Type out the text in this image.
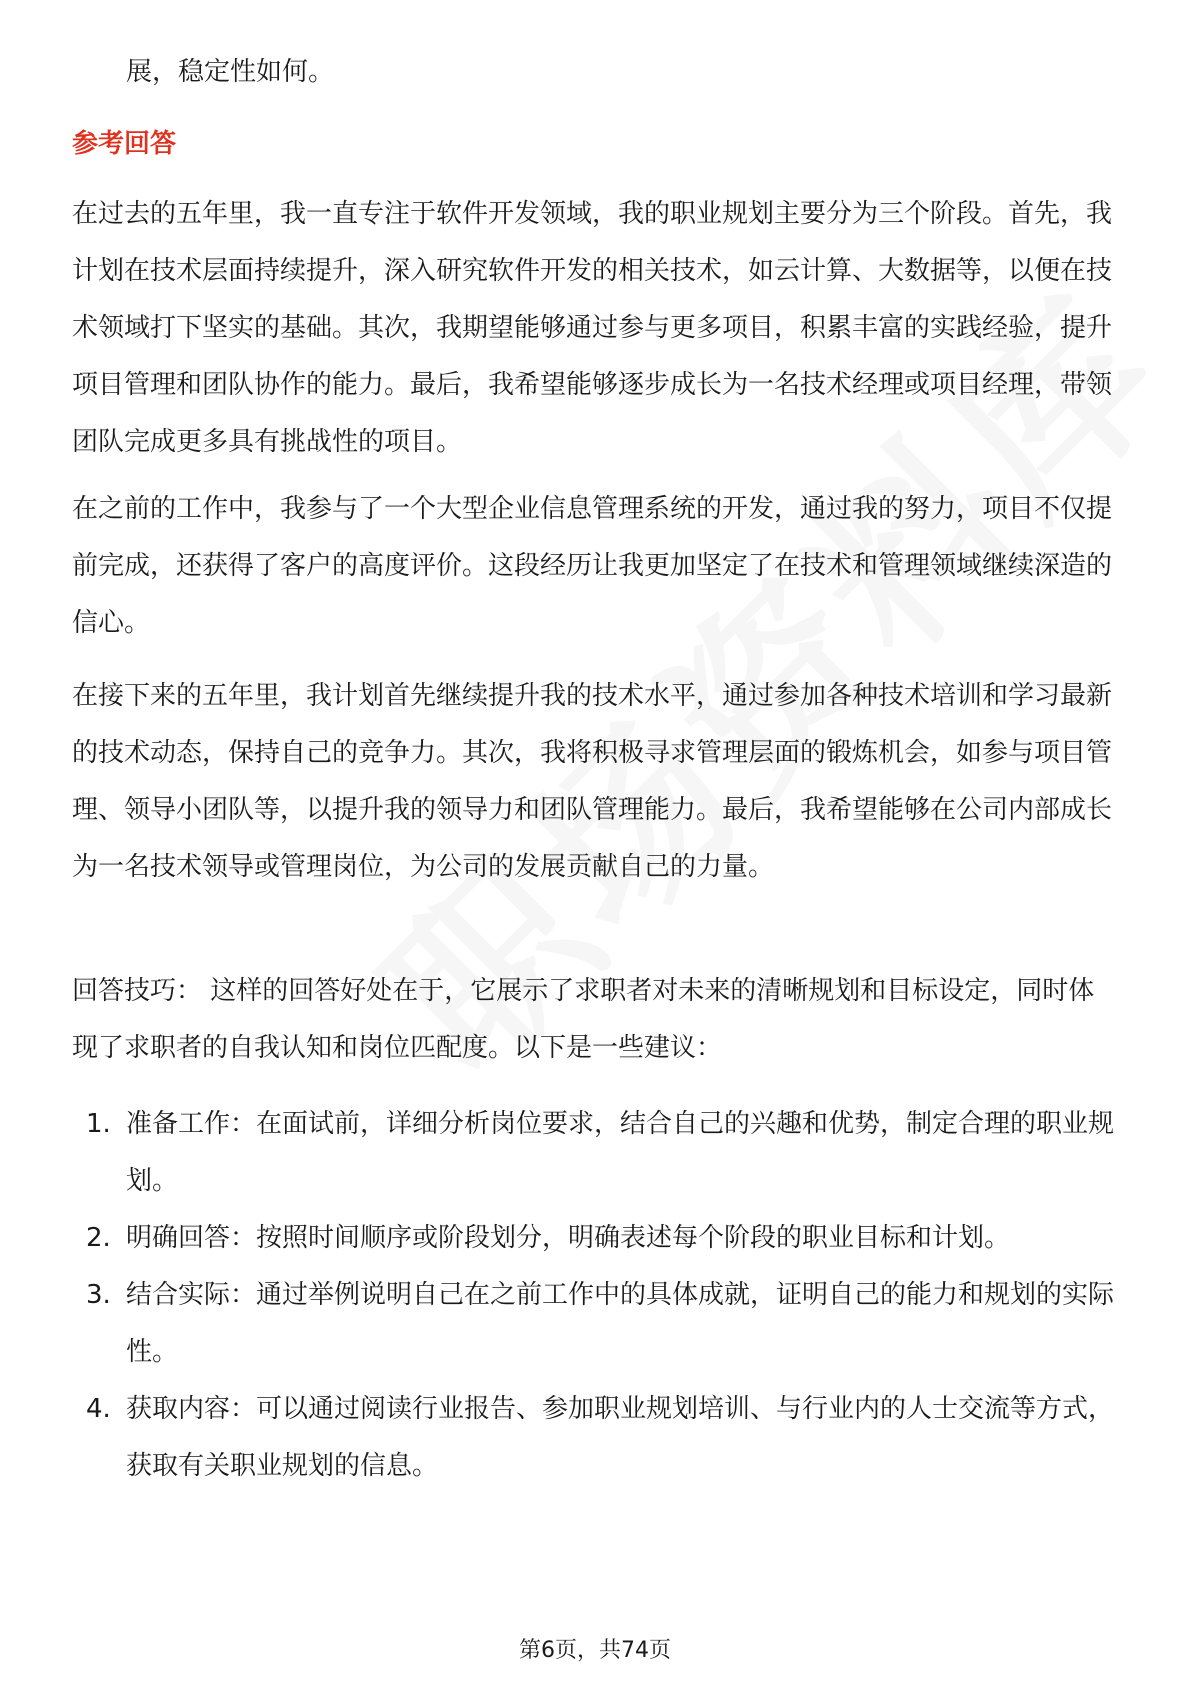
展，稳定性如何。

参考回答

在过去的五年里，我一直专注于软件开发领域，我的职业规划主要分为三个阶段。首先，我计划在技术层面持续提升，深入研究软件开发的相关技术，如云计算、大数据等，以便在技术领域打下坚实的基础。其次，我期望能够通过参与更多项目，积累丰富的实践经验，提升项目管理和团队协作的能力。最后，我希望能够逐步成长为一名技术经理或项目经理，带领团队完成更多具有挑战性的项目。

在之前的工作中，我参与了一个大型企业信息管理系统的开发，通过我的努力，项目不仅提前完成，还获得了客户的高度评价。这段经历让我更加坚定了在技术和管理领域继续深造的信心。

在接下来的五年里，我计划首先继续提升我的技术水平，通过参加各种技术培训和学习最新的技术动态，保持自己的竞争力。其次，我将积极寻求管理层面的锻炼机会，如参与项目管理、领导小团队等，以提升我的领导力和团队管理能力。最后，我希望能够在公司内部成长为一名技术领导或管理岗位，为公司的发展贡献自己的力量。

回答技巧： 这样的回答好处在于，它展示了求职者对未来的清晰规划和目标设定，同时体现了求职者的自我认知和岗位匹配度。以下是一些建议：

1. 准备工作：在面试前，详细分析岗位要求，结合自己的兴趣和优势，制定合理的职业规划。
2. 明确回答：按照时间顺序或阶段划分，明确表述每个阶段的职业目标和计划。
3. 结合实际：通过举例说明自己在之前工作中的具体成就，证明自己的能力和规划的实际性。
4. 获取内容：可以通过阅读行业报告、参加职业规划培训、与行业内的人士交流等方式，获取有关职业规划的信息。
第6页，共74页
